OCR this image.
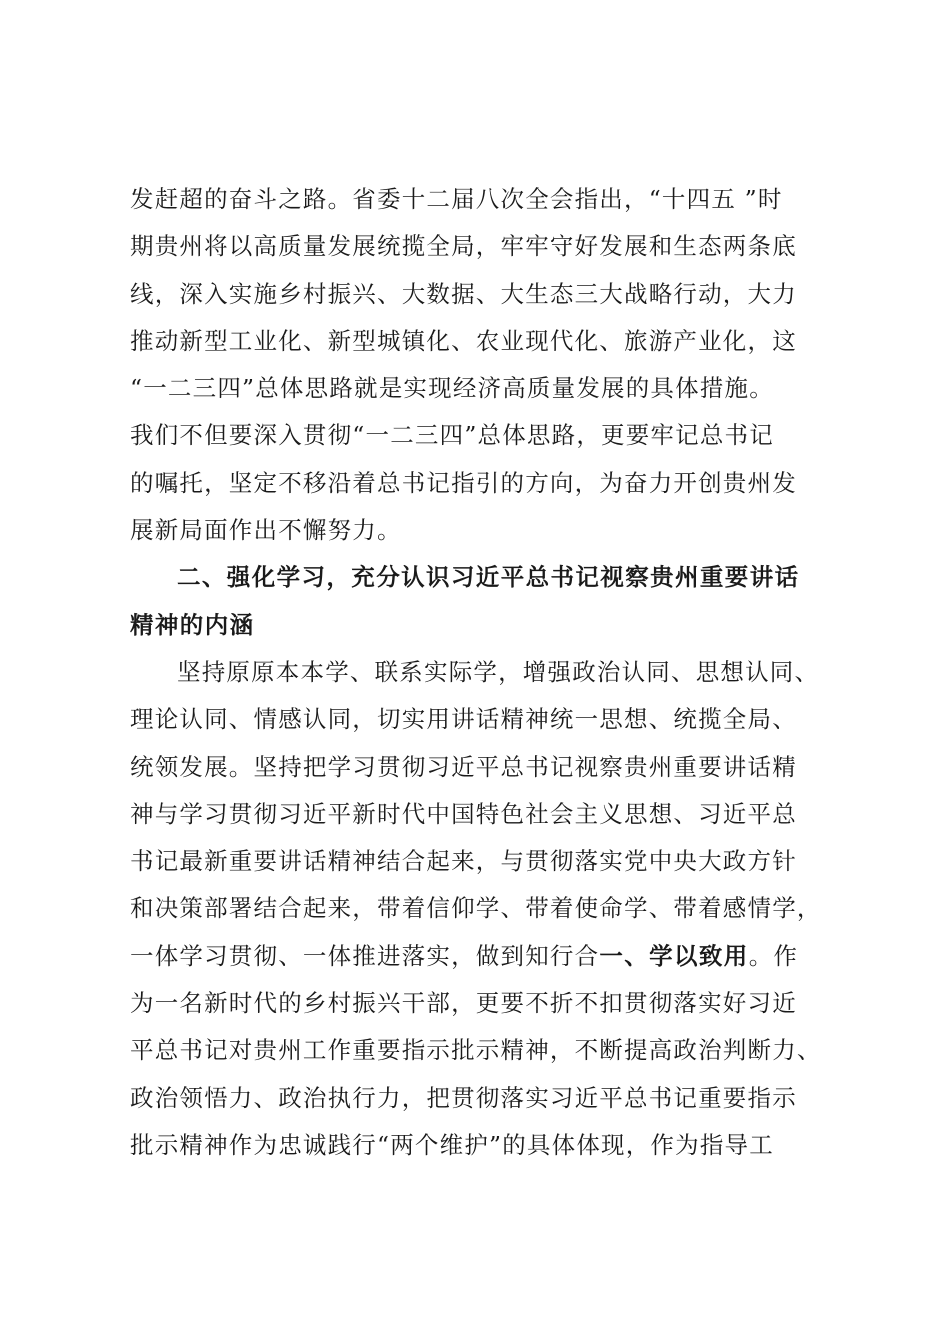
发赶超的奋斗之路。省委十二届八次全会指出，“十四五 ”时
期贵州将以高质量发展统揽全局，牢牢守好发展和生态两条底
线，深入实施乡村振兴、大数据、大生态三大战略行动，大力
推动新型工业化、新型城镇化、农业现代化、旅游产业化，这
“一二三四”总体思路就是实现经济高质量发展的具体措施。
我们不但要深入贯彻“一二三四”总体思路，更要牢记总书记
的嘱托，坚定不移沿着总书记指引的方向，为奋力开创贵州发
展新局面作出不懈努力。
二、强化学习，充分认识习近平总书记视察贵州重要讲话
精神的内涵
坚持原原本本学、联系实际学，增强政治认同、思想认同、
理论认同、情感认同，切实用讲话精神统一思想、统揽全局、
统领发展。坚持把学习贯彻习近平总书记视察贵州重要讲话精
神与学习贯彻习近平新时代中国特色社会主义思想、习近平总
书记最新重要讲话精神结合起来，与贯彻落实党中央大政方针
和决策部署结合起来，带着信仰学、带着使命学、带着感情学，
一体学习贯彻、一体推进落实，做到知行合一、学以致用。作
为一名新时代的乡村振兴干部，更要不折不扣贯彻落实好习近
平总书记对贵州工作重要指示批示精神，不断提高政治判断力、
政治领悟力、政治执行力，把贯彻落实习近平总书记重要指示
批示精神作为忠诚践行“两个维护”的具体体现，作为指导工
